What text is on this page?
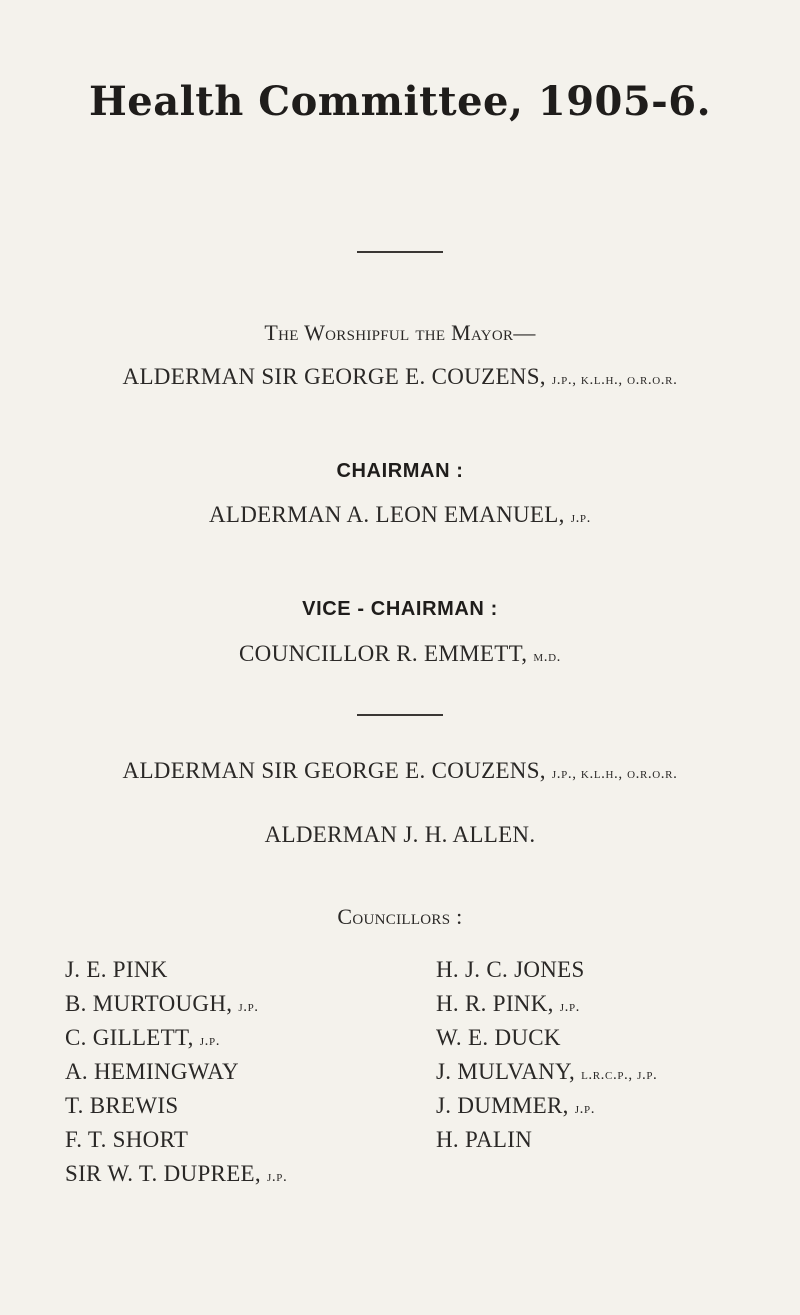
Health Committee, 1905-6.
The Worshipful the Mayor—
ALDERMAN SIR GEORGE E. COUZENS, j.p., k.l.h., o.r.o.r.
CHAIRMAN :
ALDERMAN A. LEON EMANUEL, j.p.
VICE - CHAIRMAN :
COUNCILLOR R. EMMETT, m.d.
ALDERMAN SIR GEORGE E. COUZENS, j.p., k.l.h., o.r.o.r.
ALDERMAN J. H. ALLEN.
Councillors :
J. E. PINK
B. MURTOUGH, j.p.
C. GILLETT, j.p.
A. HEMINGWAY
T. BREWIS
F. T. SHORT
SIR W. T. DUPREE, j.p.
H. J. C. JONES
H. R. PINK, j.p.
W. E. DUCK
J. MULVANY, l.r.c.p., j.p.
J. DUMMER, j.p.
H. PALIN
